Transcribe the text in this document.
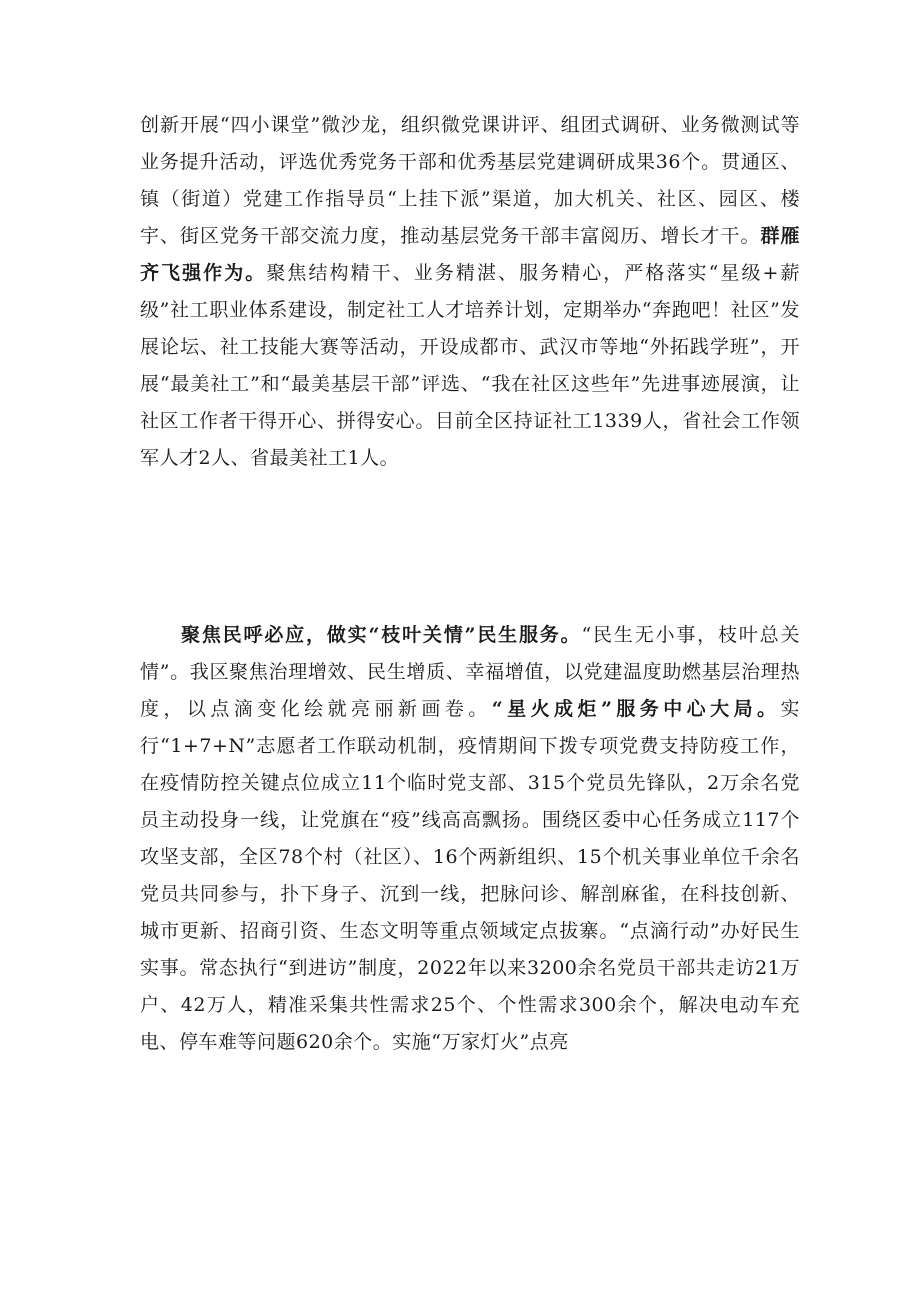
创新开展“四小课堂”微沙龙，组织微党课讲评、组团式调研、业务微测试等业务提升活动，评选优秀党务干部和优秀基层党建调研成果36个。贯通区、镇（街道）党建工作指导员“上挂下派”渠道，加大机关、社区、园区、楼宇、街区党务干部交流力度，推动基层党务干部丰富阅历、增长才干。群雁齐飞强作为。聚焦结构精干、业务精湛、服务精心，严格落实“星级+薪级”社工职业体系建设，制定社工人才培养计划，定期举办“奔跑吧！社区”发展论坛、社工技能大赛等活动，开设成都市、武汉市等地“外拓践学班”，开展“最美社工”和“最美基层干部”评选、“我在社区这些年”先进事迹展演，让社区工作者干得开心、拼得安心。目前全区持证社工1339人，省社会工作领军人才2人、省最美社工1人。

聚焦民呼必应，做实“枝叶关情”民生服务。“民生无小事，枝叶总关情”。我区聚焦治理增效、民生增质、幸福增值，以党建温度助燃基层治理热度，以点滴变化绘就亮丽新画卷。“星火成炬”服务中心大局。实行“1+7+N”志愿者工作联动机制，疫情期间下拨专项党费支持防疫工作，在疫情防控关键点位成立11个临时党支部、315个党员先锋队，2万余名党员主动投身一线，让党旗在“疫”线高高飘扬。围绕区委中心任务成立117个攻坚支部，全区78个村（社区）、16个两新组织、15个机关事业单位千余名党员共同参与，扑下身子、沉到一线，把脉问诊、解剖麻雀，在科技创新、城市更新、招商引资、生态文明等重点领域定点拔寨。“点滴行动”办好民生实事。常态执行“到进访”制度，2022年以来3200余名党员干部共走访21万户、42万人，精准采集共性需求25个、个性需求300余个，解决电动车充电、停车难等问题620余个。实施“万家灯火”点亮
